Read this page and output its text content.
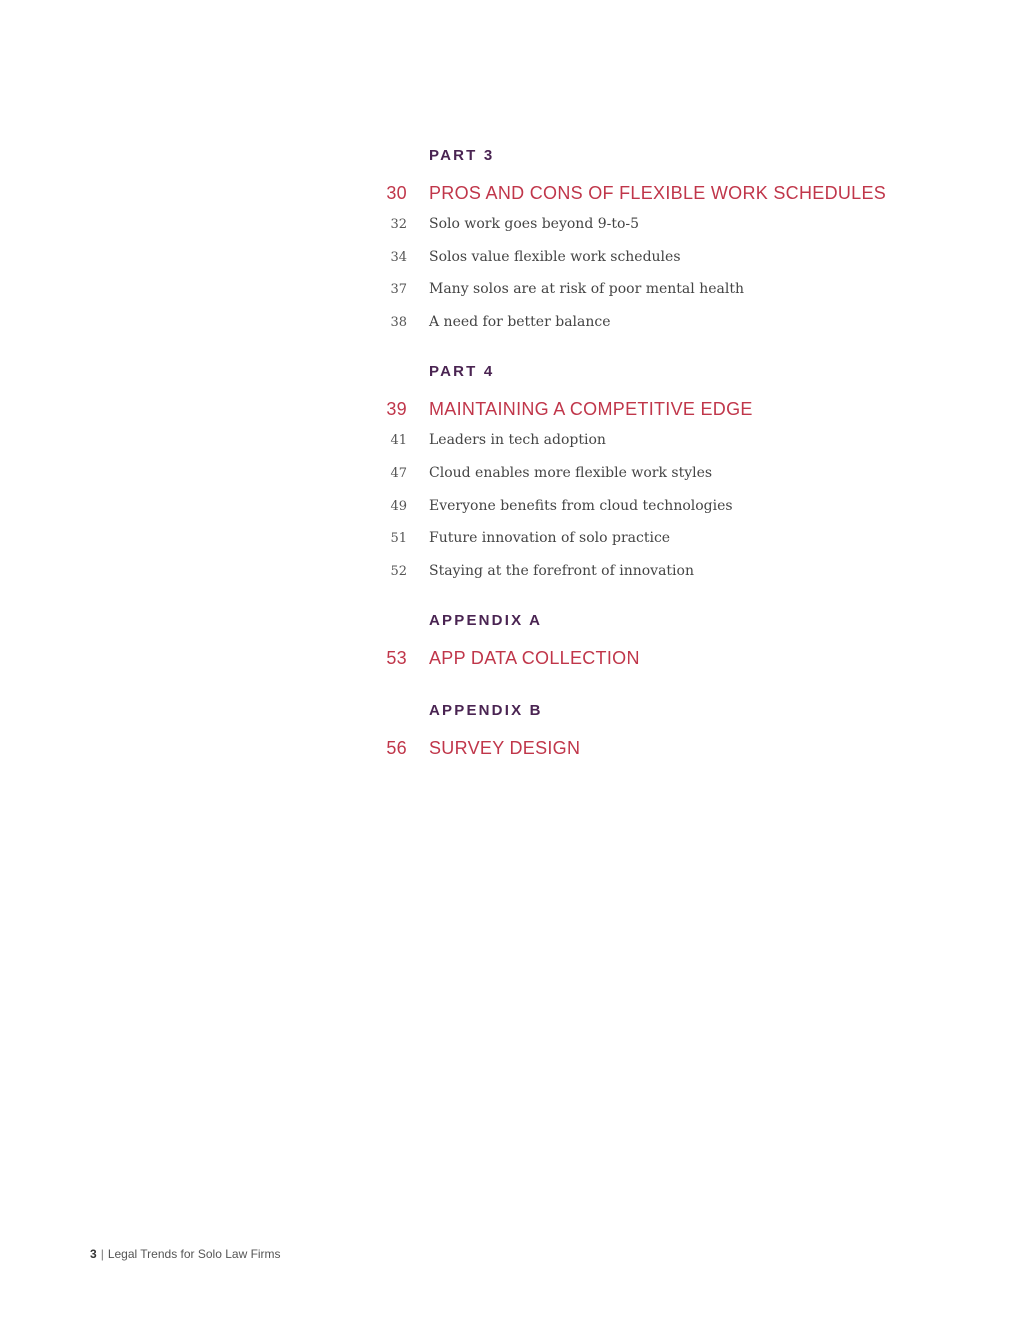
PART 3
30 PROS AND CONS OF FLEXIBLE WORK SCHEDULES
32 Solo work goes beyond 9-to-5
34 Solos value flexible work schedules
37 Many solos are at risk of poor mental health
38 A need for better balance
PART 4
39 MAINTAINING A COMPETITIVE EDGE
41 Leaders in tech adoption
47 Cloud enables more flexible work styles
49 Everyone benefits from cloud technologies
51 Future innovation of solo practice
52 Staying at the forefront of innovation
APPENDIX A
53 APP DATA COLLECTION
APPENDIX B
56 SURVEY DESIGN
3 | Legal Trends for Solo Law Firms
